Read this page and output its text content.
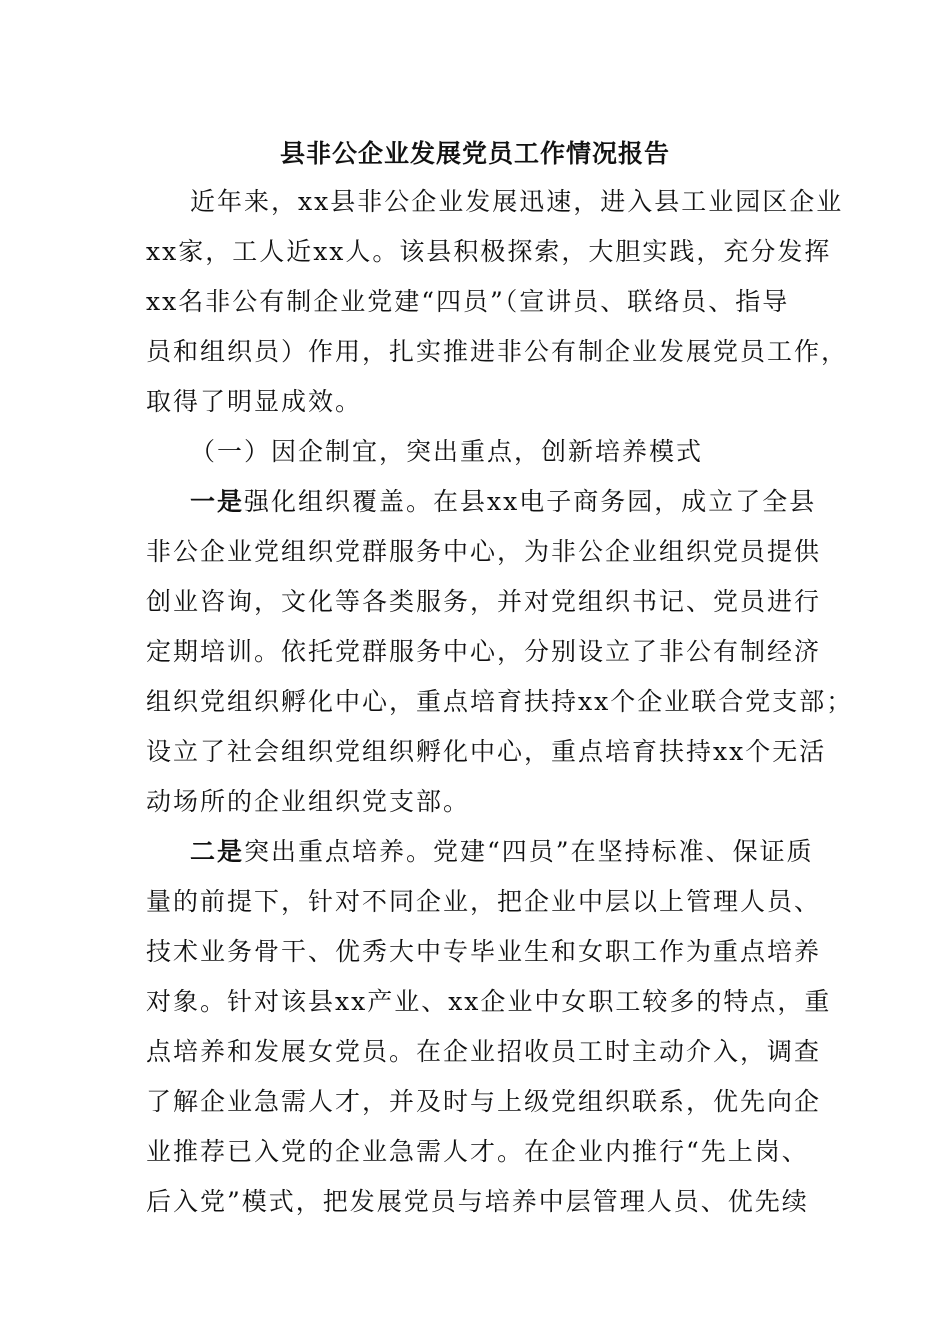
县非公企业发展党员工作情况报告

近年来，xx县非公企业发展迅速，进入县工业园区企业

xx家，工人近xx人。该县积极探索，大胆实践，充分发挥

xx名非公有制企业党建“四员”（宣讲员、联络员、指导

员和组织员）作用，扎实推进非公有制企业发展党员工作，

取得了明显成效。

（一）因企制宜，突出重点，创新培养模式

一是强化组织覆盖。在县xx电子商务园，成立了全县

非公企业党组织党群服务中心，为非公企业组织党员提供

创业咨询，文化等各类服务，并对党组织书记、党员进行

定期培训。依托党群服务中心，分别设立了非公有制经济

组织党组织孵化中心，重点培育扶持xx个企业联合党支部；

设立了社会组织党组织孵化中心，重点培育扶持xx个无活

动场所的企业组织党支部。

二是突出重点培养。党建“四员”在坚持标准、保证质

量的前提下，针对不同企业，把企业中层以上管理人员、

技术业务骨干、优秀大中专毕业生和女职工作为重点培养

对象。针对该县xx产业、xx企业中女职工较多的特点，重

点培养和发展女党员。在企业招收员工时主动介入，调查

了解企业急需人才，并及时与上级党组织联系，优先向企

业推荐已入党的企业急需人才。在企业内推行“先上岗、

后入党”模式，把发展党员与培养中层管理人员、优先续
